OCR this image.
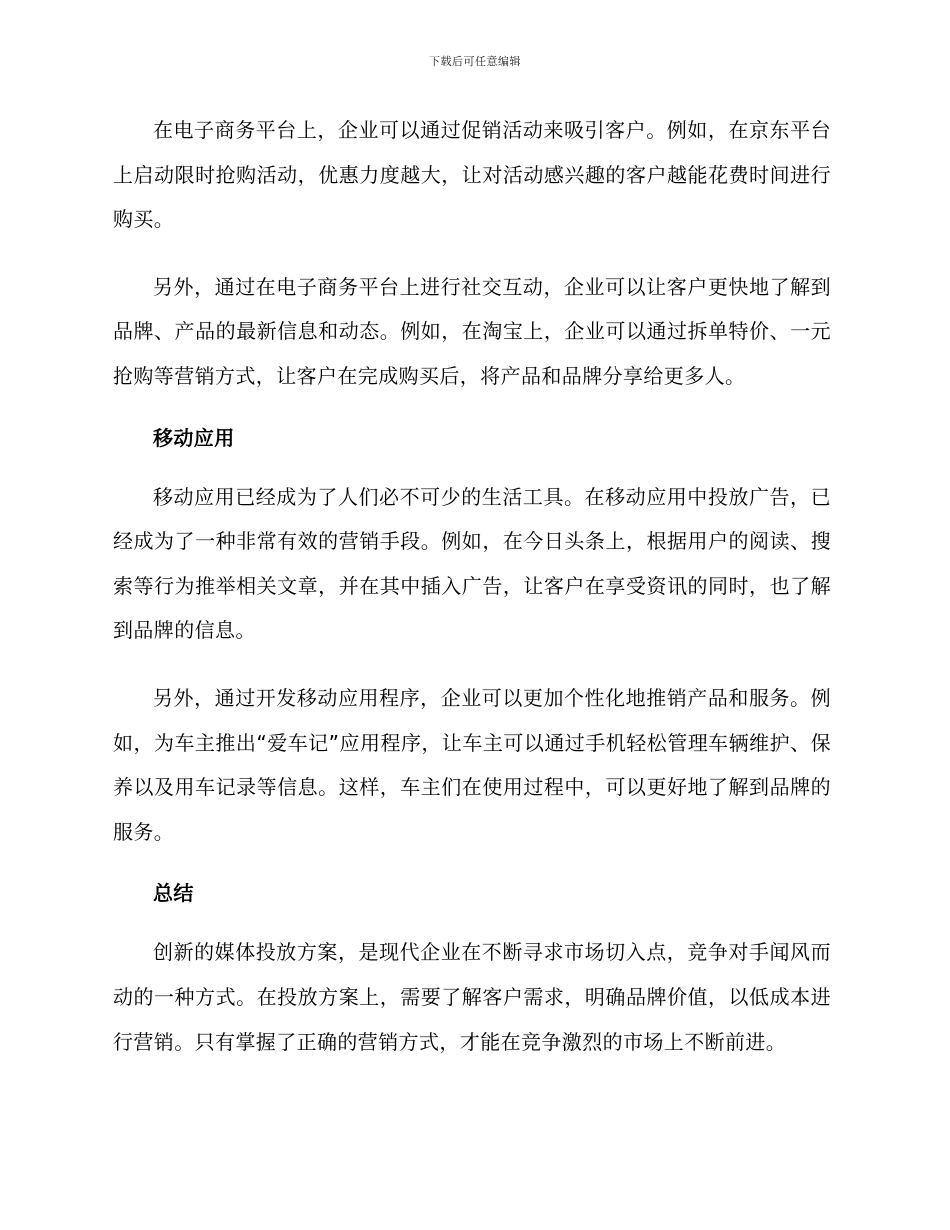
下载后可任意编辑

在电子商务平台上，企业可以通过促销活动来吸引客户。例如，在京东平台上启动限时抢购活动，优惠力度越大，让对活动感兴趣的客户越能花费时间进行购买。

另外，通过在电子商务平台上进行社交互动，企业可以让客户更快地了解到品牌、产品的最新信息和动态。例如，在淘宝上，企业可以通过拆单特价、一元抢购等营销方式，让客户在完成购买后，将产品和品牌分享给更多人。

移动应用

移动应用已经成为了人们必不可少的生活工具。在移动应用中投放广告，已经成为了一种非常有效的营销手段。例如，在今日头条上，根据用户的阅读、搜索等行为推举相关文章，并在其中插入广告，让客户在享受资讯的同时，也了解到品牌的信息。

另外，通过开发移动应用程序，企业可以更加个性化地推销产品和服务。例如，为车主推出“爱车记”应用程序，让车主可以通过手机轻松管理车辆维护、保养以及用车记录等信息。这样，车主们在使用过程中，可以更好地了解到品牌的服务。

总结

创新的媒体投放方案，是现代企业在不断寻求市场切入点，竞争对手闻风而动的一种方式。在投放方案上，需要了解客户需求，明确品牌价值，以低成本进行营销。只有掌握了正确的营销方式，才能在竞争激烈的市场上不断前进。
